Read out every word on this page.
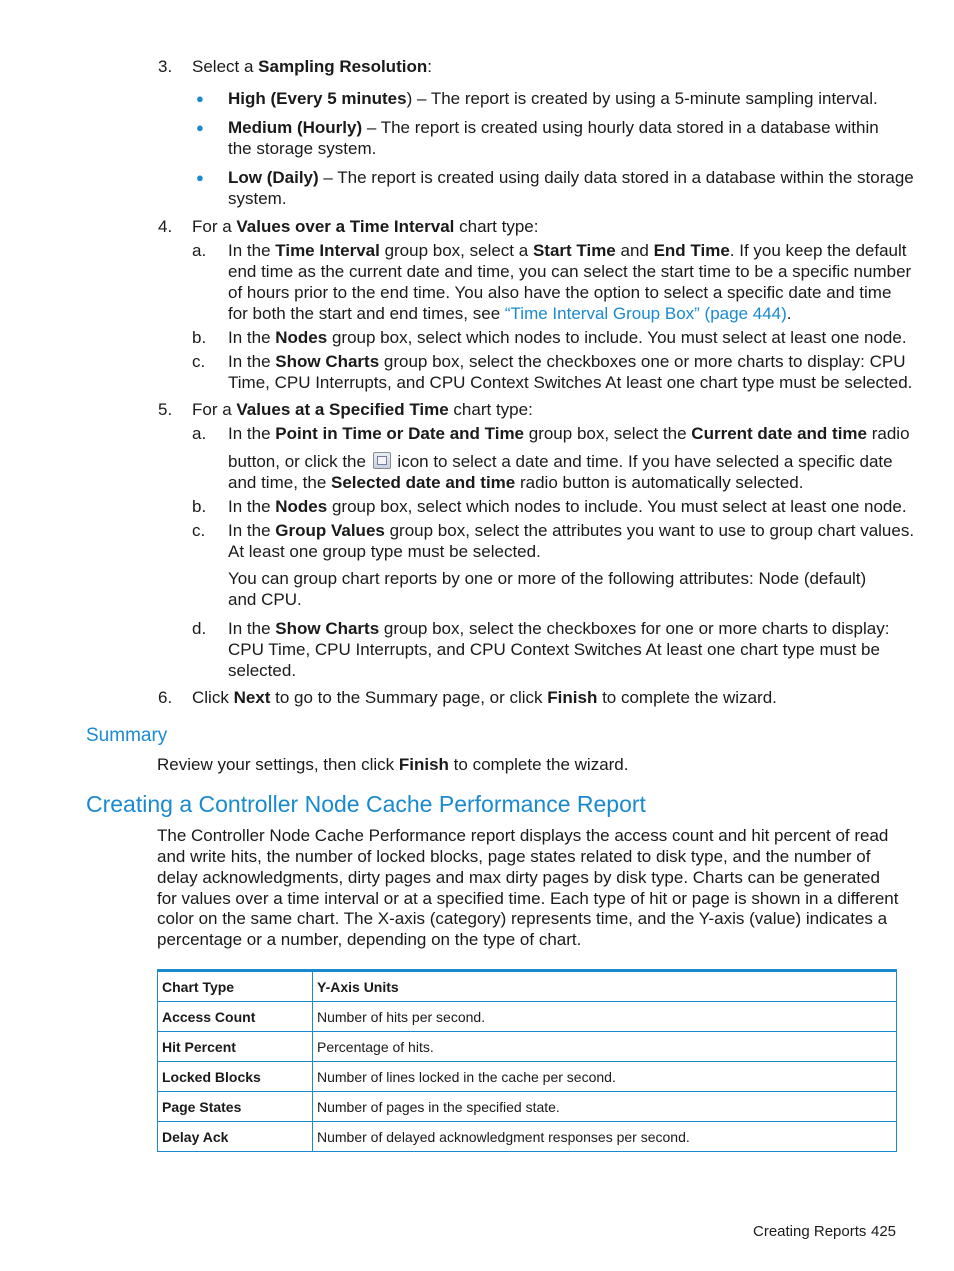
3. Select a Sampling Resolution:
● High (Every 5 minutes) – The report is created by using a 5-minute sampling interval.
● Medium (Hourly) – The report is created using hourly data stored in a database within
the storage system.
● Low (Daily) – The report is created using daily data stored in a database within the storage
system.
4. For a Values over a Time Interval chart type:
a. In the Time Interval group box, select a Start Time and End Time. If you keep the default
end time as the current date and time, you can select the start time to be a specific number
of hours prior to the end time. You also have the option to select a specific date and time
for both the start and end times, see “Time Interval Group Box” (page 444).
b. In the Nodes group box, select which nodes to include. You must select at least one node.
c. In the Show Charts group box, select the checkboxes one or more charts to display: CPU
Time, CPU Interrupts, and CPU Context Switches At least one chart type must be selected.
5. For a Values at a Specified Time chart type:
a. In the Point in Time or Date and Time group box, select the Current date and time radio
button, or click the  icon to select a date and time. If you have selected a specific date
and time, the Selected date and time radio button is automatically selected.
b. In the Nodes group box, select which nodes to include. You must select at least one node.
c. In the Group Values group box, select the attributes you want to use to group chart values.
At least one group type must be selected.
You can group chart reports by one or more of the following attributes: Node (default)
and CPU.
d. In the Show Charts group box, select the checkboxes for one or more charts to display:
CPU Time, CPU Interrupts, and CPU Context Switches At least one chart type must be
selected.
6. Click Next to go to the Summary page, or click Finish to complete the wizard.
Summary
Review your settings, then click Finish to complete the wizard.
Creating a Controller Node Cache Performance Report
The Controller Node Cache Performance report displays the access count and hit percent of read
and write hits, the number of locked blocks, page states related to disk type, and the number of
delay acknowledgments, dirty pages and max dirty pages by disk type. Charts can be generated
for values over a time interval or at a specified time. Each type of hit or page is shown in a different
color on the same chart. The X-axis (category) represents time, and the Y-axis (value) indicates a
percentage or a number, depending on the type of chart.
Chart Type	Y-Axis Units
Access Count	Number of hits per second.
Hit Percent	Percentage of hits.
Locked Blocks	Number of lines locked in the cache per second.
Page States	Number of pages in the specified state.
Delay Ack	Number of delayed acknowledgment responses per second.
Creating Reports 425
